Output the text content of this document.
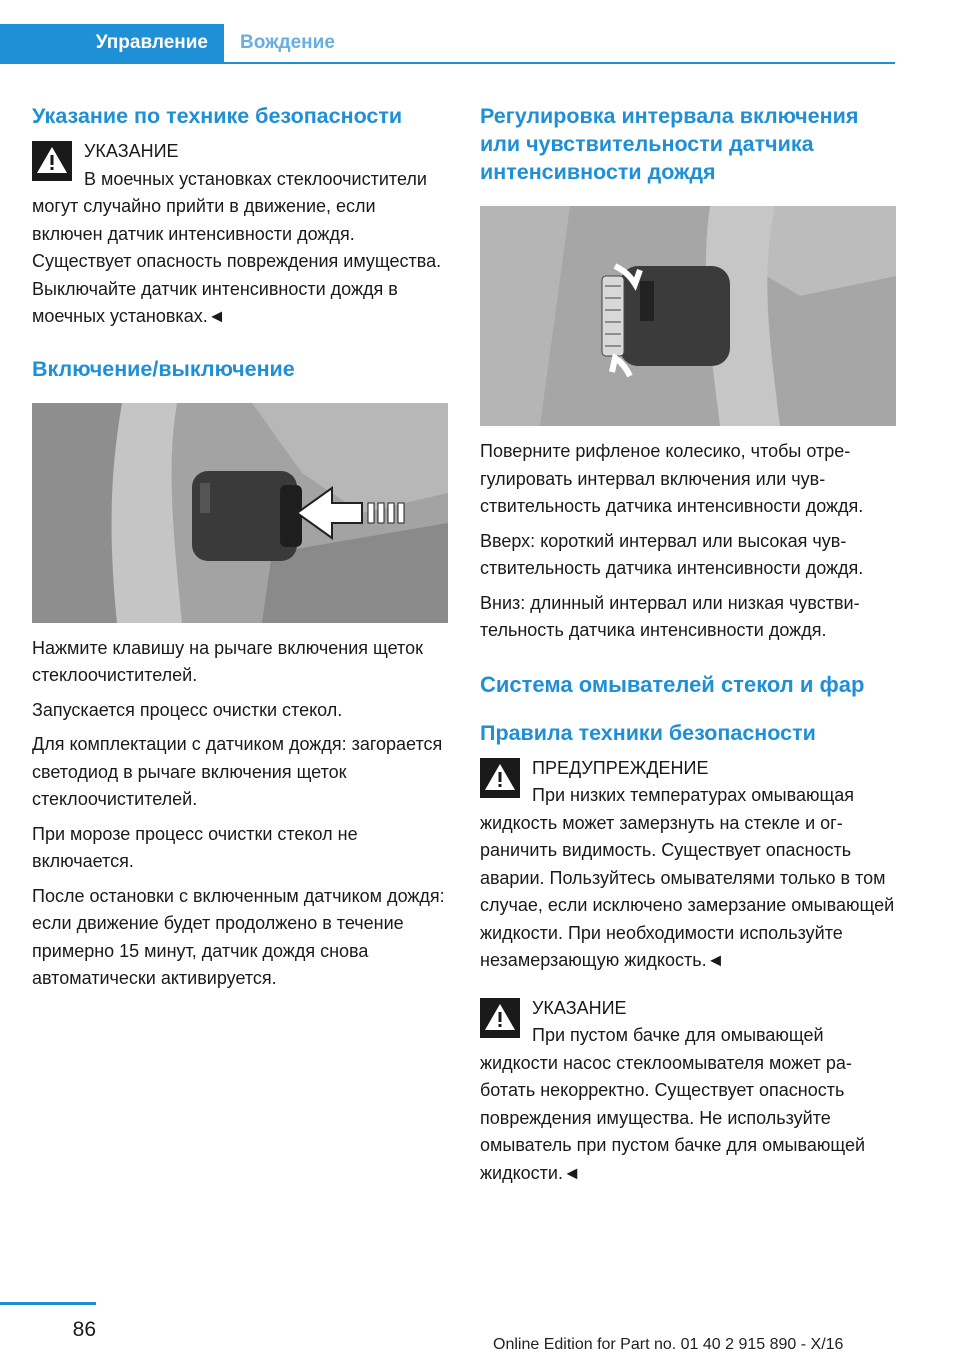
Управление	Вождение
Указание по технике безопасности

УКАЗАНИЕ

В моечных установках стеклоочистители могут случайно прийти в движение, если включен датчик интенсивности дождя. Существует опасность повреждения имущества. Выключайте датчик интенсивности дождя в моечных установках.◄

Включение/выключение

Нажмите клавишу на рычаге включения щеток стеклоочистителей.

Запускается процесс очистки стекол.

Для комплектации с датчиком дождя: загорается светодиод в рычаге включения щеток стеклоочистителей.

При морозе процесс очистки стекол не включается.

После остановки с включенным датчиком дождя: если движение будет продолжено в течение примерно 15 минут, датчик дождя снова автоматически активируется.

Регулировка интервала включения или чувствительности датчика интенсивности дождя

Поверните рифленое колесико, чтобы отрегулировать интервал включения или чувствительность датчика интенсивности дождя.

Вверх: короткий интервал или высокая чувствительность датчика интенсивности дождя.

Вниз: длинный интервал или низкая чувствительность датчика интенсивности дождя.

Система омывателей стекол и фар
Правила техники безопасности

ПРЕДУПРЕЖДЕНИЕ

При низких температурах омывающая жидкость может замерзнуть на стекле и ограничить видимость. Существует опасность аварии. Пользуйтесь омывателями только в том случае, если исключено замерзание омывающей жидкости. При необходимости используйте незамерзающую жидкость.◄

УКАЗАНИЕ

При пустом бачке для омывающей жидкости насос стеклоомывателя может работать некорректно. Существует опасность повреждения имущества. Не используйте омыватель при пустом бачке для омывающей жидкости.◄

86
Online Edition for Part no. 01 40 2 915 890 - X/16
